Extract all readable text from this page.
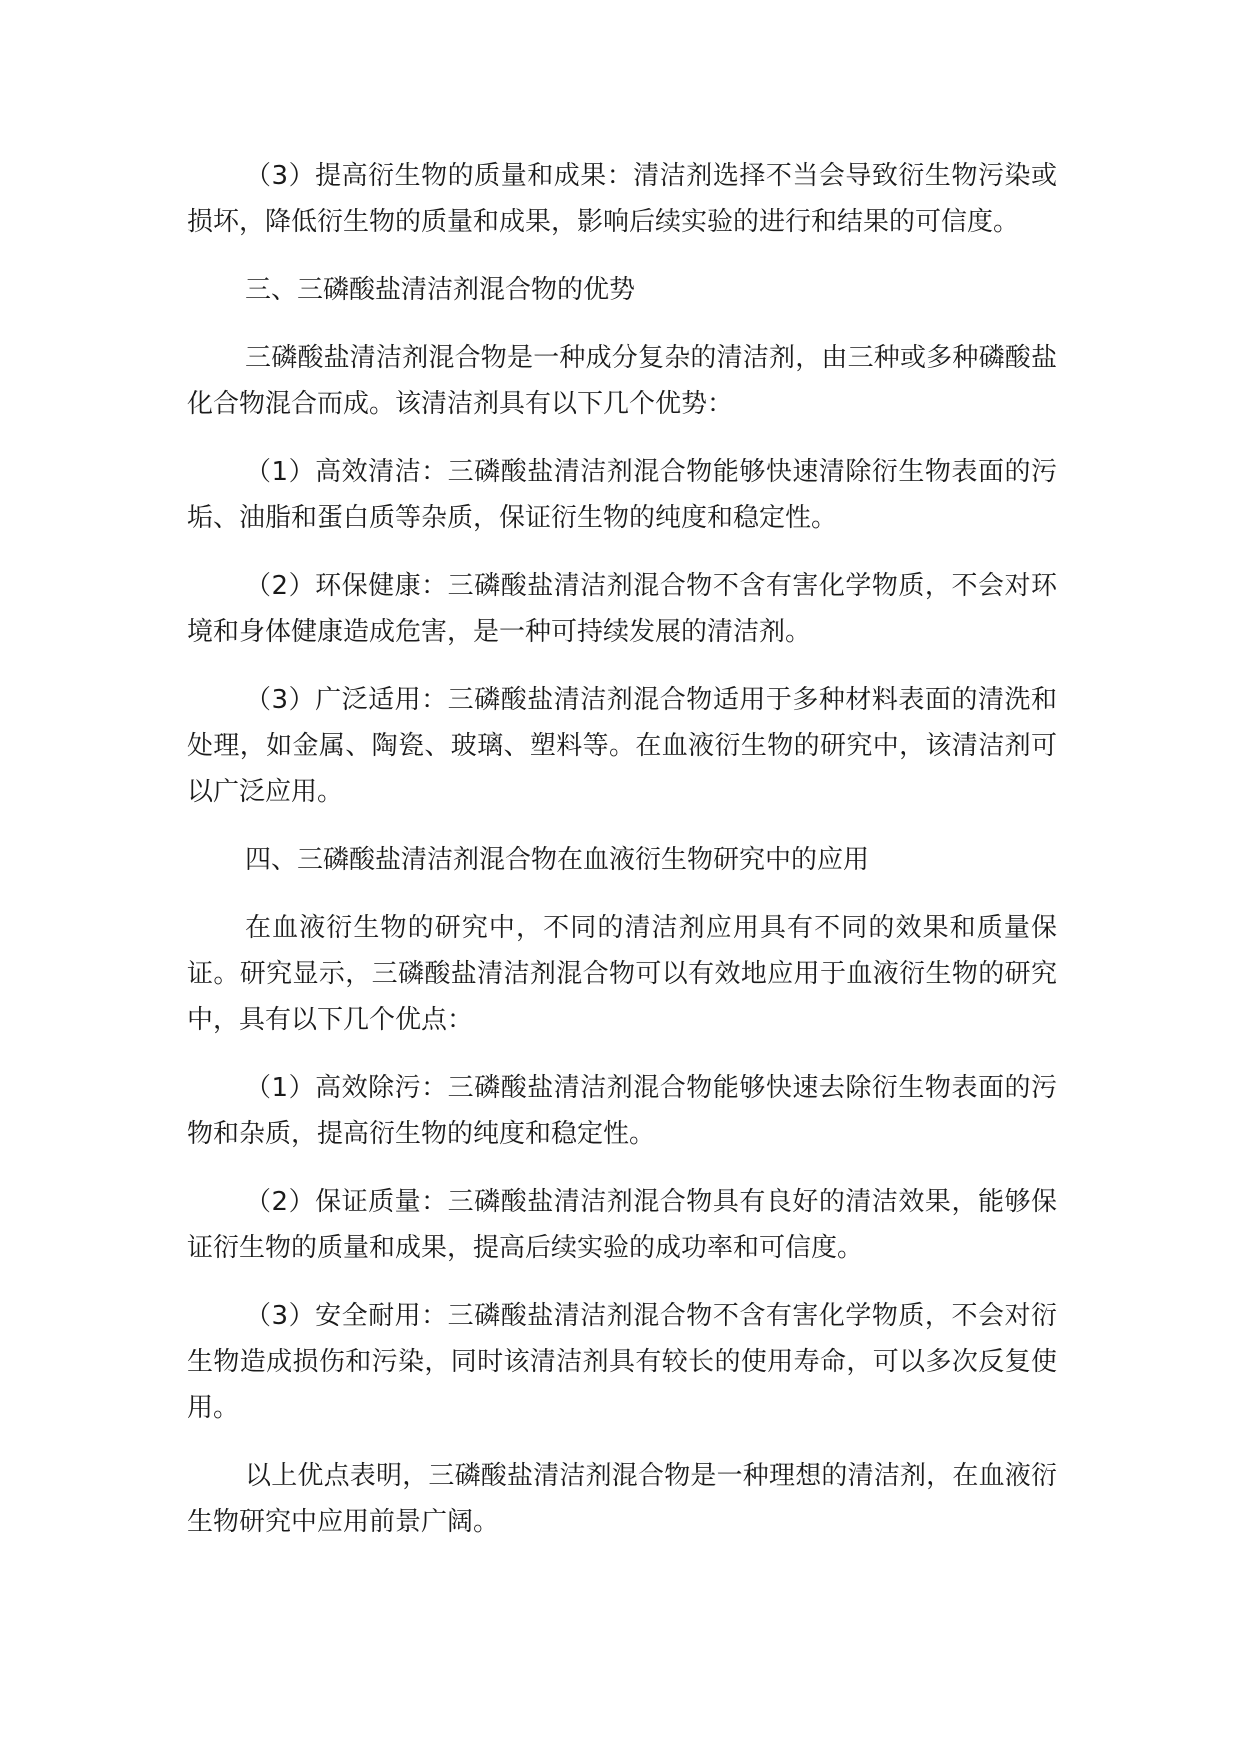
（3）提高衍生物的质量和成果：清洁剂选择不当会导致衍生物污染或损坏，降低衍生物的质量和成果，影响后续实验的进行和结果的可信度。

三、三磷酸盐清洁剂混合物的优势

三磷酸盐清洁剂混合物是一种成分复杂的清洁剂，由三种或多种磷酸盐化合物混合而成。该清洁剂具有以下几个优势：

（1）高效清洁：三磷酸盐清洁剂混合物能够快速清除衍生物表面的污垢、油脂和蛋白质等杂质，保证衍生物的纯度和稳定性。

（2）环保健康：三磷酸盐清洁剂混合物不含有害化学物质，不会对环境和身体健康造成危害，是一种可持续发展的清洁剂。

（3）广泛适用：三磷酸盐清洁剂混合物适用于多种材料表面的清洗和处理，如金属、陶瓷、玻璃、塑料等。在血液衍生物的研究中，该清洁剂可以广泛应用。

四、三磷酸盐清洁剂混合物在血液衍生物研究中的应用

在血液衍生物的研究中，不同的清洁剂应用具有不同的效果和质量保证。研究显示，三磷酸盐清洁剂混合物可以有效地应用于血液衍生物的研究中，具有以下几个优点：

（1）高效除污：三磷酸盐清洁剂混合物能够快速去除衍生物表面的污物和杂质，提高衍生物的纯度和稳定性。

（2）保证质量：三磷酸盐清洁剂混合物具有良好的清洁效果，能够保证衍生物的质量和成果，提高后续实验的成功率和可信度。

（3）安全耐用：三磷酸盐清洁剂混合物不含有害化学物质，不会对衍生物造成损伤和污染，同时该清洁剂具有较长的使用寿命，可以多次反复使用。

以上优点表明，三磷酸盐清洁剂混合物是一种理想的清洁剂，在血液衍生物研究中应用前景广阔。
